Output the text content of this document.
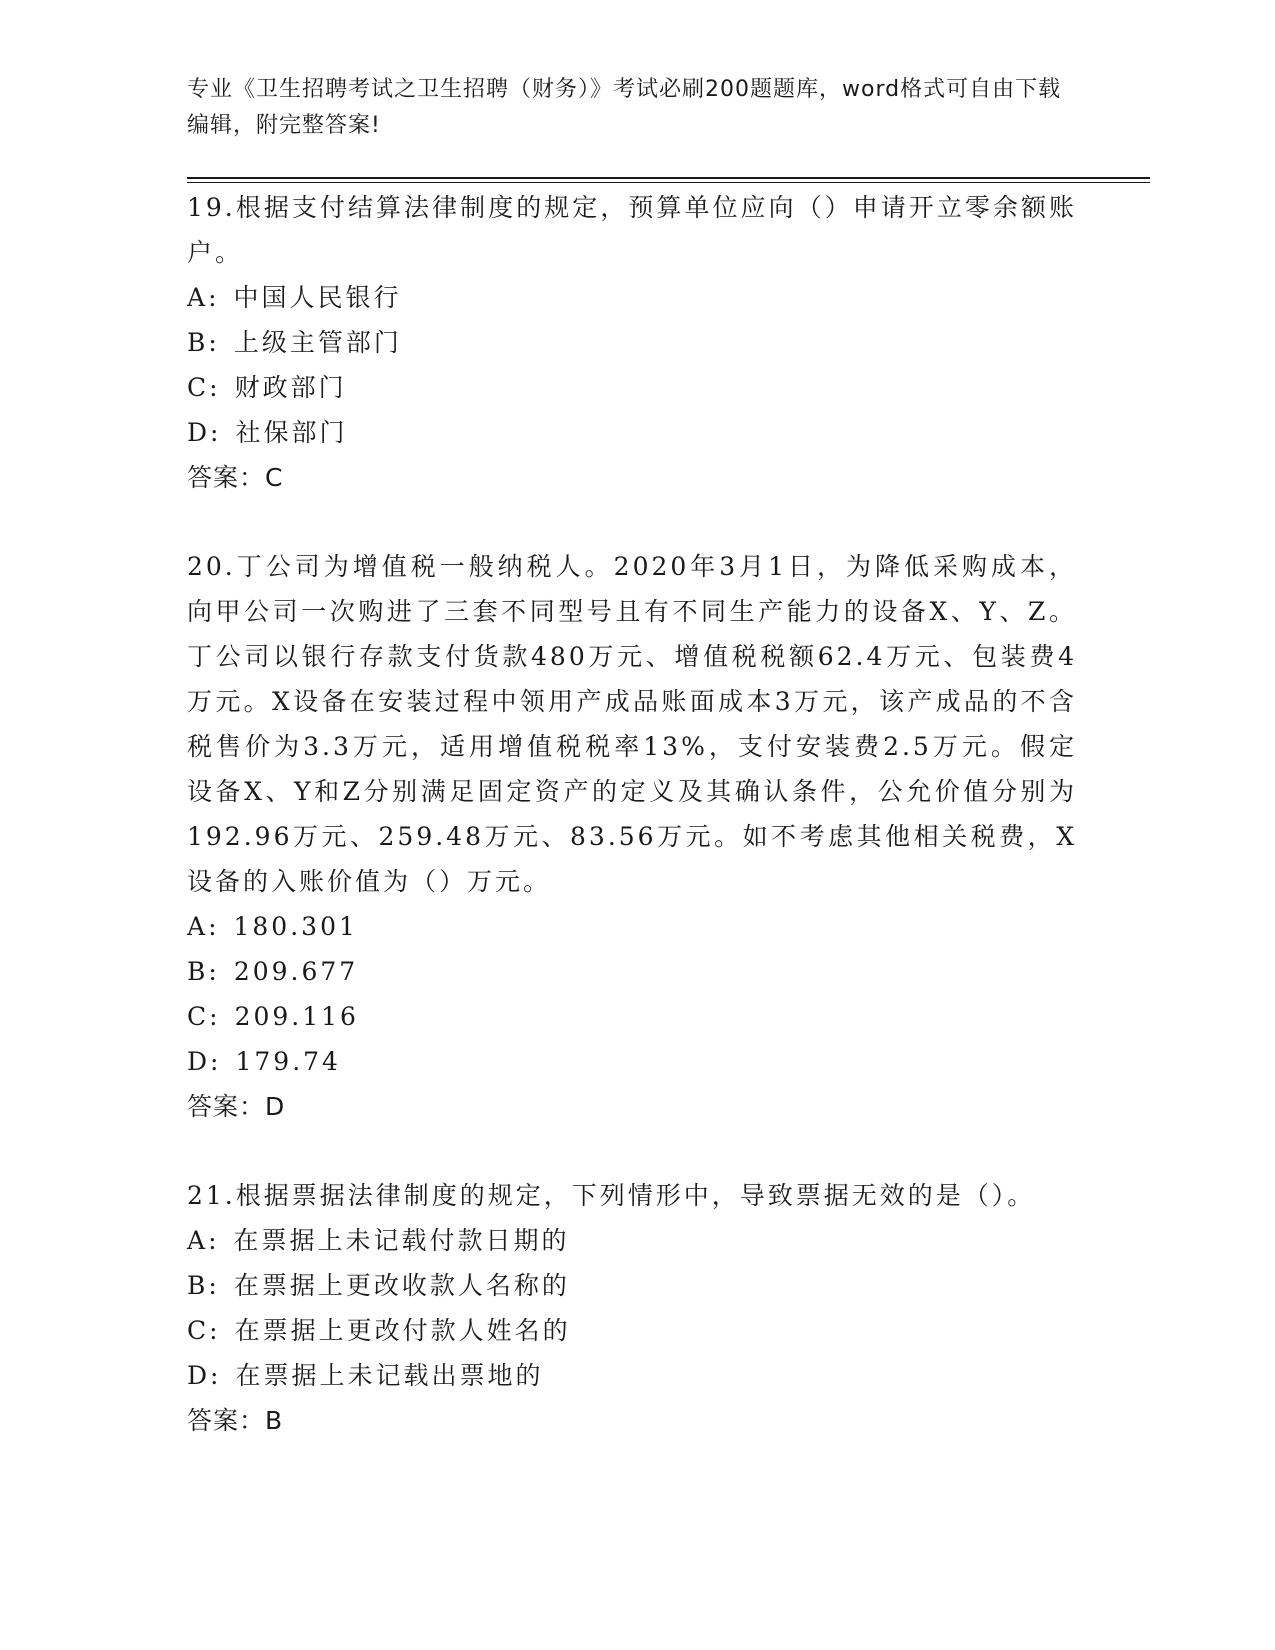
专业《卫生招聘考试之卫生招聘（财务）》考试必刷200题题库，word格式可自由下载编辑，附完整答案!

19.根据支付结算法律制度的规定，预算单位应向（）申请开立零余额账户。

A: 中国人民银行

B: 上级主管部门

C: 财政部门

D: 社保部门

答案：C

20.丁公司为增值税一般纳税人。2020年3月1日，为降低采购成本，向甲公司一次购进了三套不同型号且有不同生产能力的设备X、Y、Z。丁公司以银行存款支付货款480万元、增值税税额62.4万元、包装费4万元。X设备在安装过程中领用产成品账面成本3万元，该产成品的不含税售价为3.3万元，适用增值税税率13%，支付安装费2.5万元。假定设备X、Y和Z分别满足固定资产的定义及其确认条件，公允价值分别为192.96万元、259.48万元、83.56万元。如不考虑其他相关税费，X设备的入账价值为（）万元。

A: 180.301

B: 209.677

C: 209.116

D: 179.74

答案：D

21.根据票据法律制度的规定，下列情形中，导致票据无效的是（）。

A: 在票据上未记载付款日期的

B: 在票据上更改收款人名称的

C: 在票据上更改付款人姓名的

D: 在票据上未记载出票地的

答案：B
